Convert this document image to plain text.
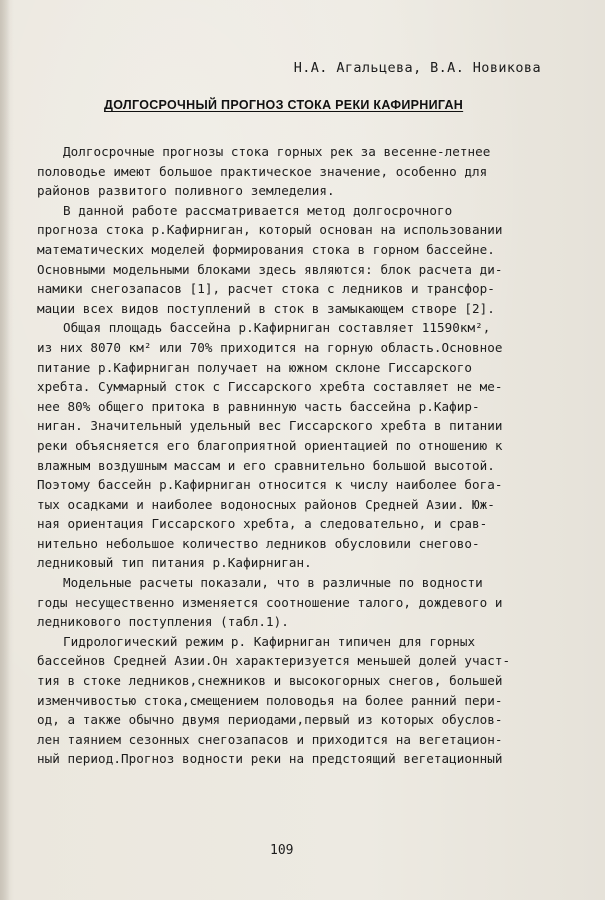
Н.А. Агальцева, В.А. Новикова
ДОЛГОСРОЧНЫЙ ПРОГНОЗ СТОКА РЕКИ КАФИРНИГАН
Долгосрочные прогнозы стока горных рек за весенне-летнее
половодье имеют большое практическое значение, особенно для
районов развитого поливного земледелия.
В данной работе рассматривается метод долгосрочного
прогноза стока р.Кафирниган, который основан на использовании
математических моделей формирования стока в горном бассейне.
Основными модельными блоками здесь являются: блок расчета ди-
намики снегозапасов [1], расчет стока с ледников и трансфор-
мации всех видов поступлений в сток в замыкающем створе [2].
Общая площадь бассейна р.Кафирниган составляет 11590км²,
из них 8070 км² или 70% приходится на горную область.Основное
питание р.Кафирниган получает на южном склоне Гиссарского
хребта. Суммарный сток с Гиссарского хребта составляет не ме-
нее 80% общего притока в равнинную часть бассейна р.Кафир-
ниган. Значительный удельный вес Гиссарского хребта в питании
реки объясняется его благоприятной ориентацией по отношению к
влажным воздушным массам и его сравнительно большой высотой.
Поэтому бассейн р.Кафирниган относится к числу наиболее бога-
тых осадками и наиболее водоносных районов Средней Азии. Юж-
ная ориентация Гиссарского хребта, а следовательно, и срав-
нительно небольшое количество ледников обусловили снегово-
ледниковый тип питания р.Кафирниган.
Модельные расчеты показали, что в различные по водности
годы несущественно изменяется соотношение талого, дождевого и
ледникового поступления (табл.1).
Гидрологический режим р. Кафирниган типичен для горных
бассейнов Средней Азии.Он характеризуется меньшей долей участ-
тия в стоке ледников,снежников и высокогорных снегов, большей
изменчивостью стока,смещением половодья на более ранний пери-
од, а также обычно двумя периодами,первый из которых обуслов-
лен таянием сезонных снегозапасов и приходится на вегетацион-
ный период.Прогноз водности реки на предстоящий вегетационный
109
